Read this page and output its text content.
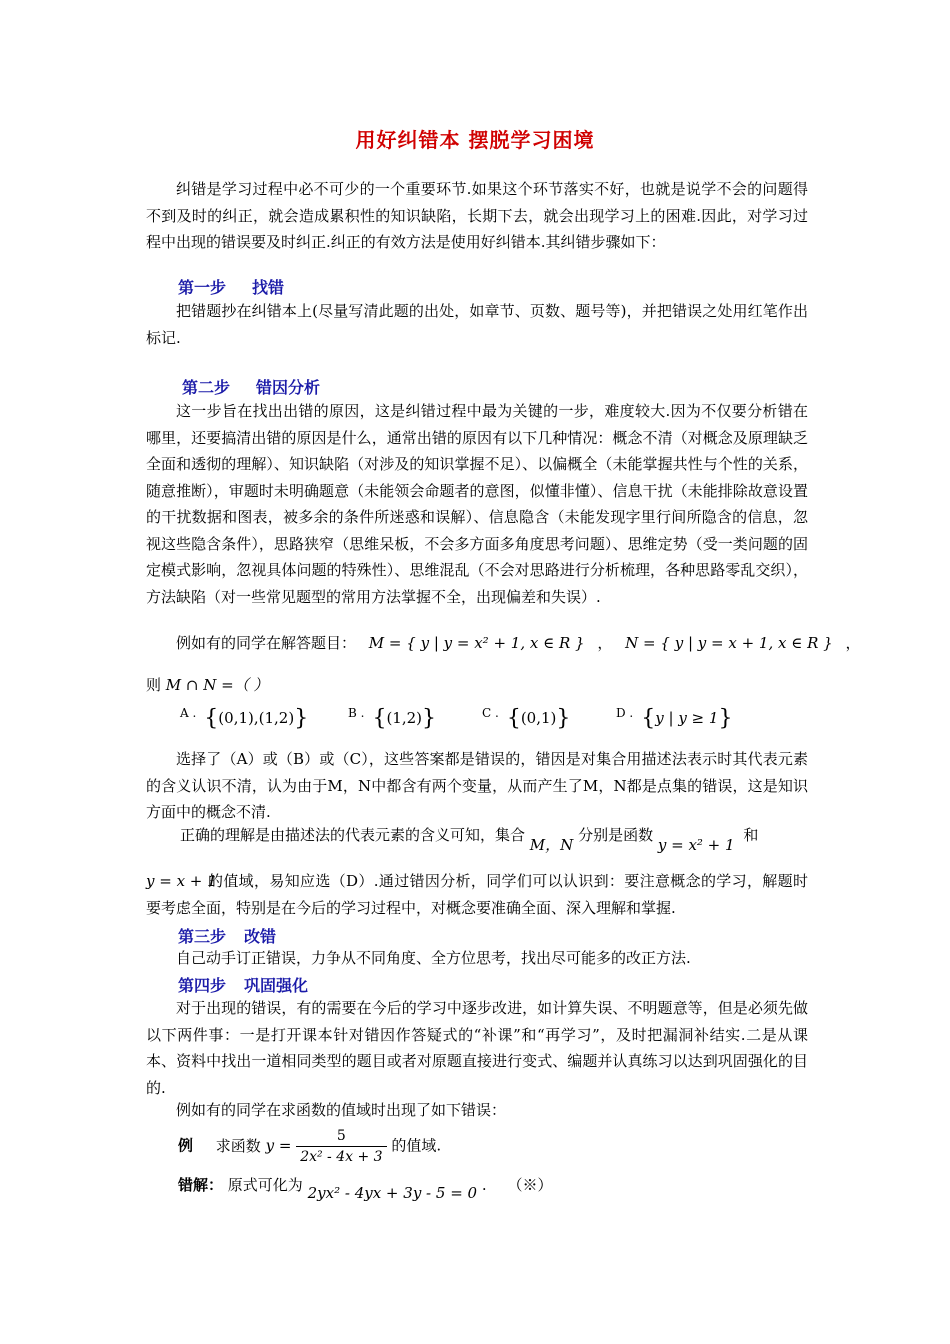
用好纠错本 摆脱学习困境
纠错是学习过程中必不可少的一个重要环节.如果这个环节落实不好，也就是说学不会的问题得不到及时的纠正，就会造成累积性的知识缺陷，长期下去，就会出现学习上的困难.因此，对学习过程中出现的错误要及时纠正.纠正的有效方法是使用好纠错本.其纠错步骤如下：
第一步 找错
把错题抄在纠错本上(尽量写清此题的出处，如章节、页数、题号等)，并把错误之处用红笔作出标记.
第二步 错因分析
这一步旨在找出出错的原因，这是纠错过程中最为关键的一步，难度较大.因为不仅要分析错在哪里，还要搞清出错的原因是什么，通常出错的原因有以下几种情况：概念不清（对概念及原理缺乏全面和透彻的理解）、知识缺陷（对涉及的知识掌握不足）、以偏概全（未能掌握共性与个性的关系，随意推断），审题时未明确题意（未能领会命题者的意图，似懂非懂）、信息干扰（未能排除故意设置的干扰数据和图表，被多余的条件所迷惑和误解）、信息隐含（未能发现字里行间所隐含的信息，忽视这些隐含条件），思路狭窄（思维呆板，不会多方面多角度思考问题）、思维定势（受一类问题的固定模式影响，忽视具体问题的特殊性）、思维混乱（不会对思路进行分析梳理，各种思路零乱交织），方法缺陷（对一些常见题型的常用方法掌握不全，出现偏差和失误）.
例如有的同学在解答题目： M = { y | y = x² + 1, x ∈ R } ， N = { y | y = x + 1, x ∈ R } ，
则 M ∩ N =（ ）
$^{A .}$ {(0,1),(1,2)}	$^{B .}$ {(1,2)}	$^{C .}$ {(0,1)}	$^{D .}$ {y | y ≥ 1}
选择了（A）或（B）或（C），这些答案都是错误的，错因是对集合用描述法表示时其代表元素的含义认识不清，认为由于M，N中都含有两个变量，从而产生了M，N都是点集的错误，这是知识方面中的概念不清.
正确的理解是由描述法的代表元素的含义可知，集合 M，N 分别是函数 y = x² + 1 和
y = x + 1
的值域，易知应选（D）.通过错因分析，同学们可以认识到：要注意概念的学习，解题时要考虑全面，特别是在今后的学习过程中，对概念要准确全面、深入理解和掌握.
第三步 改错
自己动手订正错误，力争从不同角度、全方位思考，找出尽可能多的改正方法.
第四步 巩固强化
对于出现的错误，有的需要在今后的学习中逐步改进，如计算失误、不明题意等，但是必须先做以下两件事：一是打开课本针对错因作答疑式的“补课”和“再学习”，及时把漏洞补结实.二是从课本、资料中找出一道相同类型的题目或者对原题直接进行变式、编题并认真练习以达到巩固强化的目的.
例如有的同学在求函数的值域时出现了如下错误：
例 求函数 $y = \frac{5}{\text{2x² - 4x + 3}}$ 的值域.
错解： 原式可化为 2yx² - 4yx + 3y - 5 = 0 . （※）
